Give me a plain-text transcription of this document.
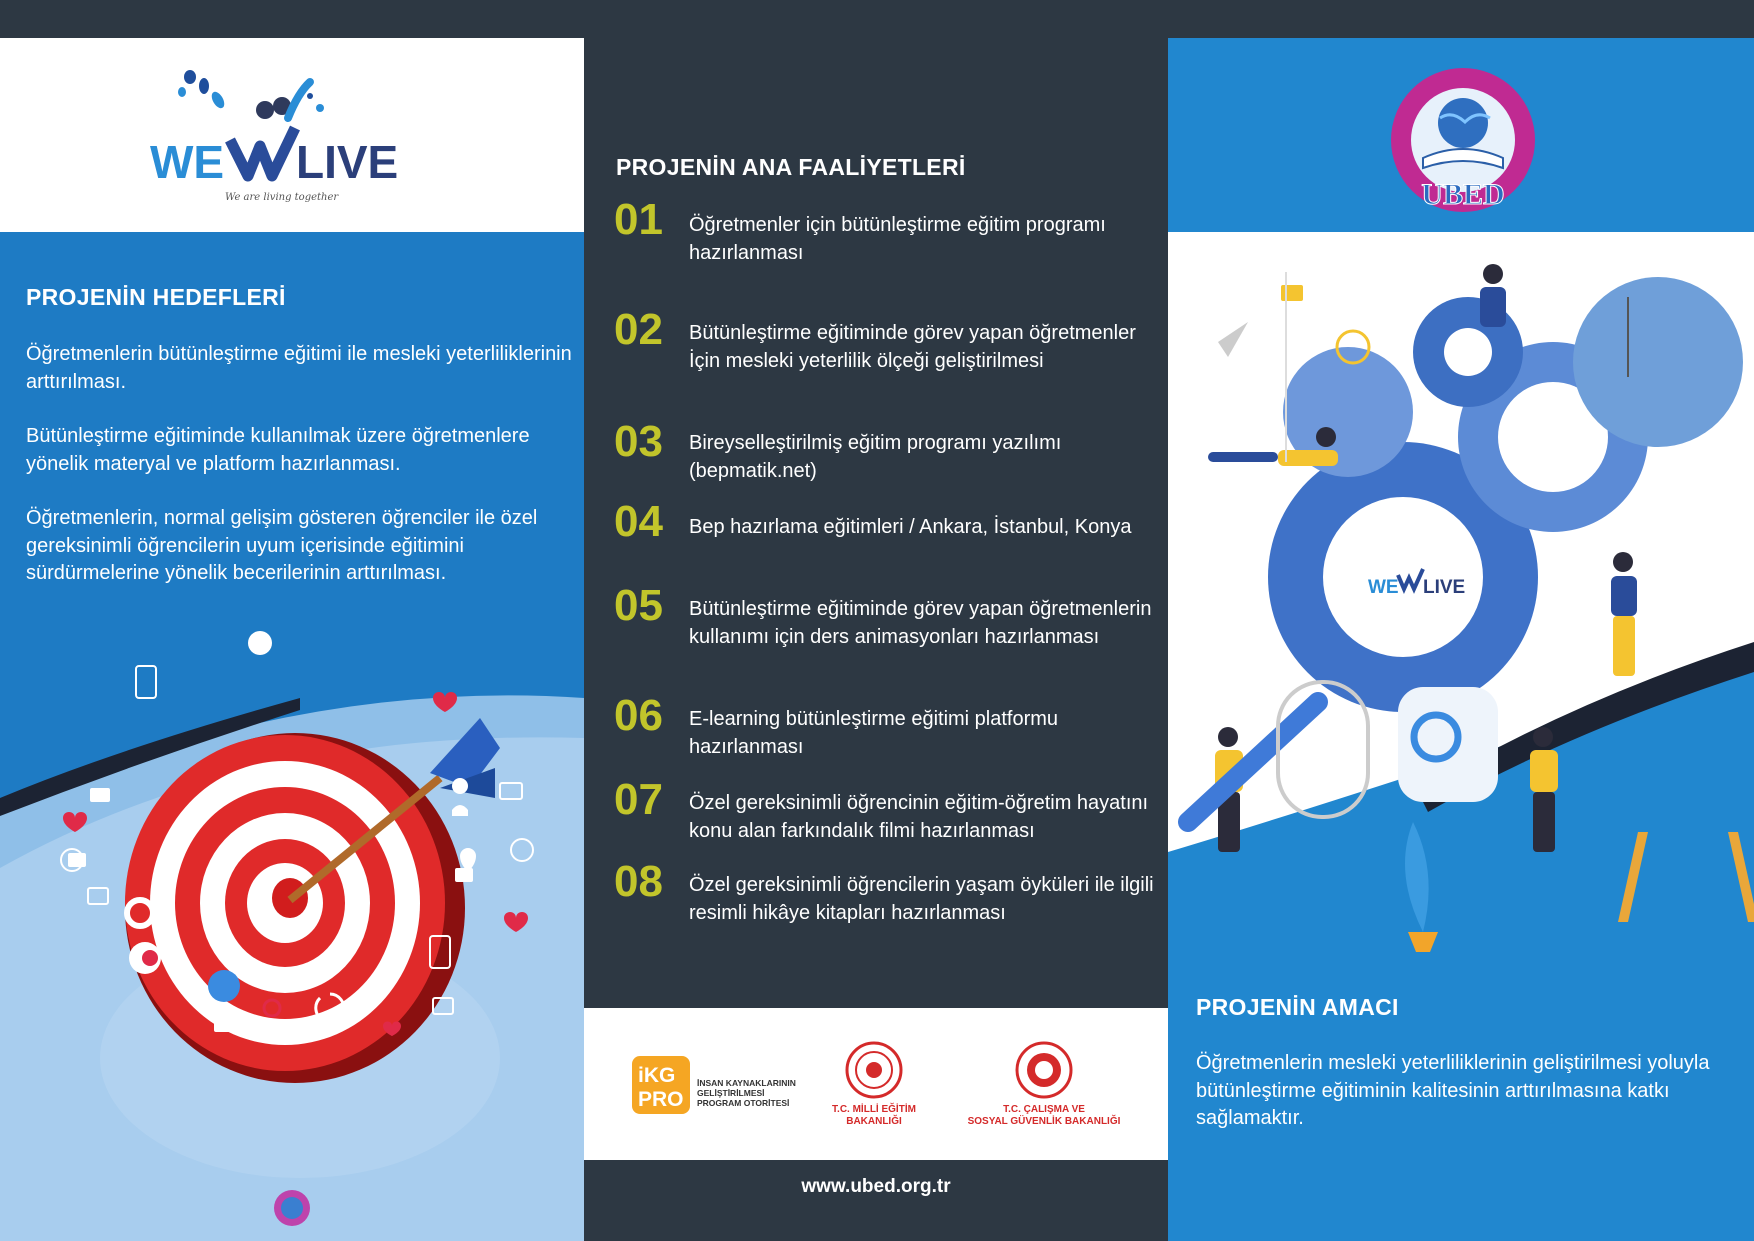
WE LIVE
We are living together
PROJENİN HEDEFLERİ

Öğretmenlerin bütünleştirme eğitimi ile mesleki yeterliliklerinin arttırılması.

Bütünleştirme eğitiminde kullanılmak üzere öğretmenlere yönelik materyal ve platform hazırlanması.

Öğretmenlerin, normal gelişim gösteren öğrenciler ile özel gereksinimli öğrencilerin uyum içerisinde eğitimini sürdürmelerine yönelik becerilerinin arttırılması.

PROJENİN ANA FAALİYETLERİ
01 Öğretmenler için bütünleştirme eğitim programı hazırlanması
02 Bütünleştirme eğitiminde görev yapan öğretmenler İçin mesleki yeterlilik ölçeği geliştirilmesi
03 Bireyselleştirilmiş eğitim programı yazılımı (bepmatik.net)
04 Bep hazırlama eğitimleri / Ankara, İstanbul, Konya
05 Bütünleştirme eğitiminde görev yapan öğretmenlerin kullanımı için ders animasyonları hazırlanması
06 E-learning bütünleştirme eğitimi platformu hazırlanması
07 Özel gereksinimli öğrencinin eğitim-öğretim hayatını konu alan farkındalık filmi hazırlanması
08 Özel gereksinimli öğrencilerin yaşam öyküleri ile ilgili resimli hikâye kitapları hazırlanması
iKG
PRO
İNSAN KAYNAKLARININ
GELİŞTİRİLMESİ
PROGRAM OTORİTESİ
T.C. MİLLİ EĞİTİM
BAKANLIĞI
T.C. ÇALIŞMA VE
SOSYAL GÜVENLİK BAKANLIĞI
www.ubed.org.tr
UBED
WE LIVE
PROJENİN AMACI

Öğretmenlerin mesleki yeterliliklerinin geliştirilmesi yoluyla bütünleştirme eğitiminin kalitesinin arttırılmasına katkı sağlamaktır.
